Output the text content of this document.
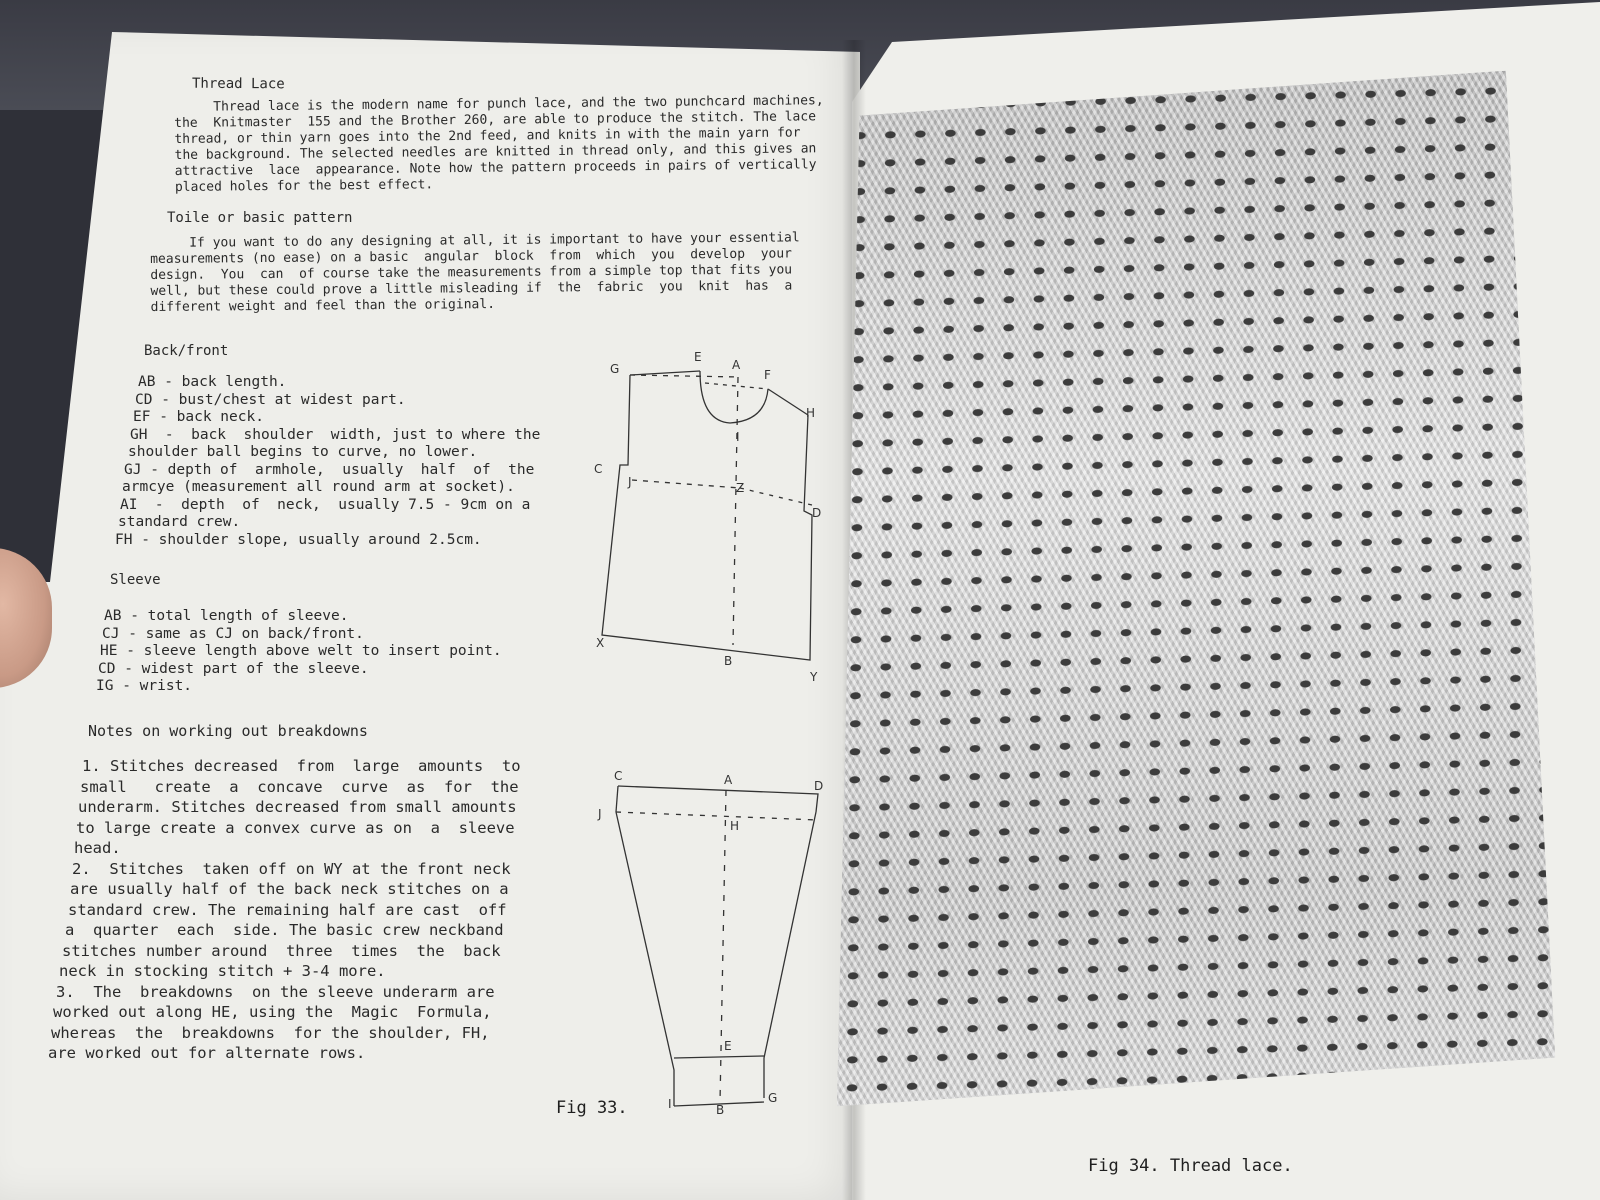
Thread Lace
Thread lace is the modern name for punch lace, and the two punchcard machines,
the  Knitmaster  155 and the Brother 260, are able to produce the stitch. The lace
thread, or thin yarn goes into the 2nd feed, and knits in with the main yarn for
the background. The selected needles are knitted in thread only, and this gives an
attractive  lace  appearance. Note how the pattern proceeds in pairs of vertically
placed holes for the best effect.
Toile or basic pattern
If you want to do any designing at all, it is important to have your essential
measurements (no ease) on a basic  angular  block  from  which  you  develop  your
design.  You  can  of course take the measurements from a simple top that fits you
well, but these could prove a little misleading if  the  fabric  you  knit  has  a
different weight and feel than the original.
Back/front
AB - back length.
CD - bust/chest at widest part.
EF - back neck.
GH  -  back  shoulder  width, just to where the
shoulder ball begins to curve, no lower.
GJ - depth of  armhole,  usually  half  of  the
armcye (measurement all round arm at socket).
AI  -  depth  of  neck,  usually 7.5 - 9cm on a
standard crew.
FH - shoulder slope, usually around 2.5cm.
Sleeve
AB - total length of sleeve.
CJ - same as CJ on back/front.
HE - sleeve length above welt to insert point.
CD - widest part of the sleeve.
IG - wrist.
Notes on working out breakdowns
1. Stitches decreased  from  large  amounts  to
small   create  a  concave  curve  as  for  the
underarm. Stitches decreased from small amounts
to large create a convex curve as on  a  sleeve
head.
2.  Stitches  taken off on WY at the front neck
are usually half of the back neck stitches on a
standard crew. The remaining half are cast  off
a  quarter  each  side. The basic crew neckband
stitches number around  three  times  the  back
neck in stocking stitch + 3-4 more.
3.  The  breakdowns  on the sleeve underarm are
worked out along HE, using the  Magic  Formula,
whereas  the  breakdowns  for the shoulder, FH,
are worked out for alternate rows.
G
E
A
F
H
I
C
J	Z
D
X
B
Y
C	A	D
J
H
E
I	B
G
Fig 33.
Fig 34. Thread lace.
